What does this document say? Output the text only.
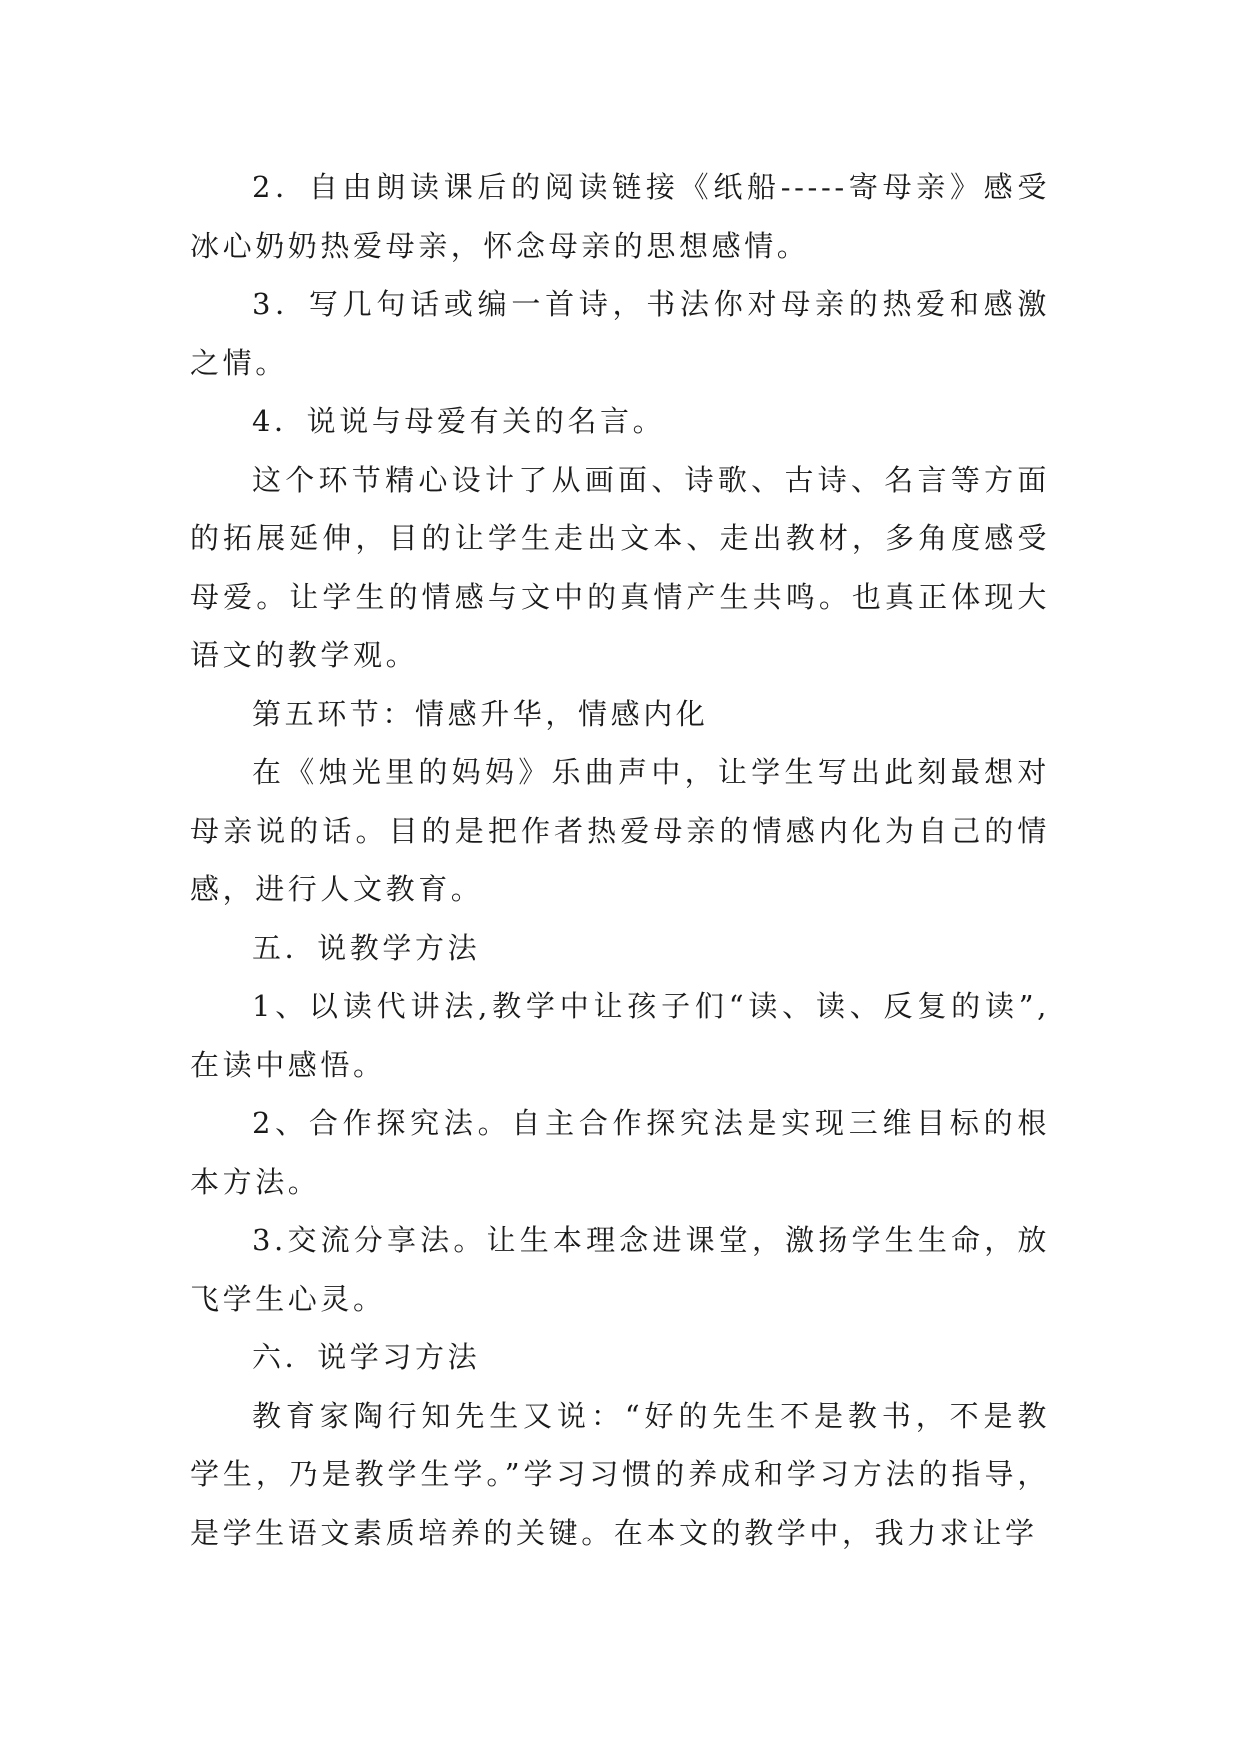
2．自由朗读课后的阅读链接《纸船-----寄母亲》感受冰心奶奶热爱母亲，怀念母亲的思想感情。

3．写几句话或编一首诗，书法你对母亲的热爱和感激之情。

4．说说与母爱有关的名言。

这个环节精心设计了从画面、诗歌、古诗、名言等方面的拓展延伸，目的让学生走出文本、走出教材，多角度感受母爱。让学生的情感与文中的真情产生共鸣。也真正体现大语文的教学观。

第五环节：情感升华，情感内化

在《烛光里的妈妈》乐曲声中，让学生写出此刻最想对母亲说的话。目的是把作者热爱母亲的情感内化为自己的情感，进行人文教育。

五．说教学方法

1、以读代讲法,教学中让孩子们“读、读、反复的读”,在读中感悟。

2、合作探究法。自主合作探究法是实现三维目标的根本方法。

3.交流分享法。让生本理念进课堂，激扬学生生命，放飞学生心灵。

六．说学习方法

教育家陶行知先生又说：“好的先生不是教书，不是教学生，乃是教学生学。”学习习惯的养成和学习方法的指导，是学生语文素质培养的关键。在本文的教学中，我力求让学
